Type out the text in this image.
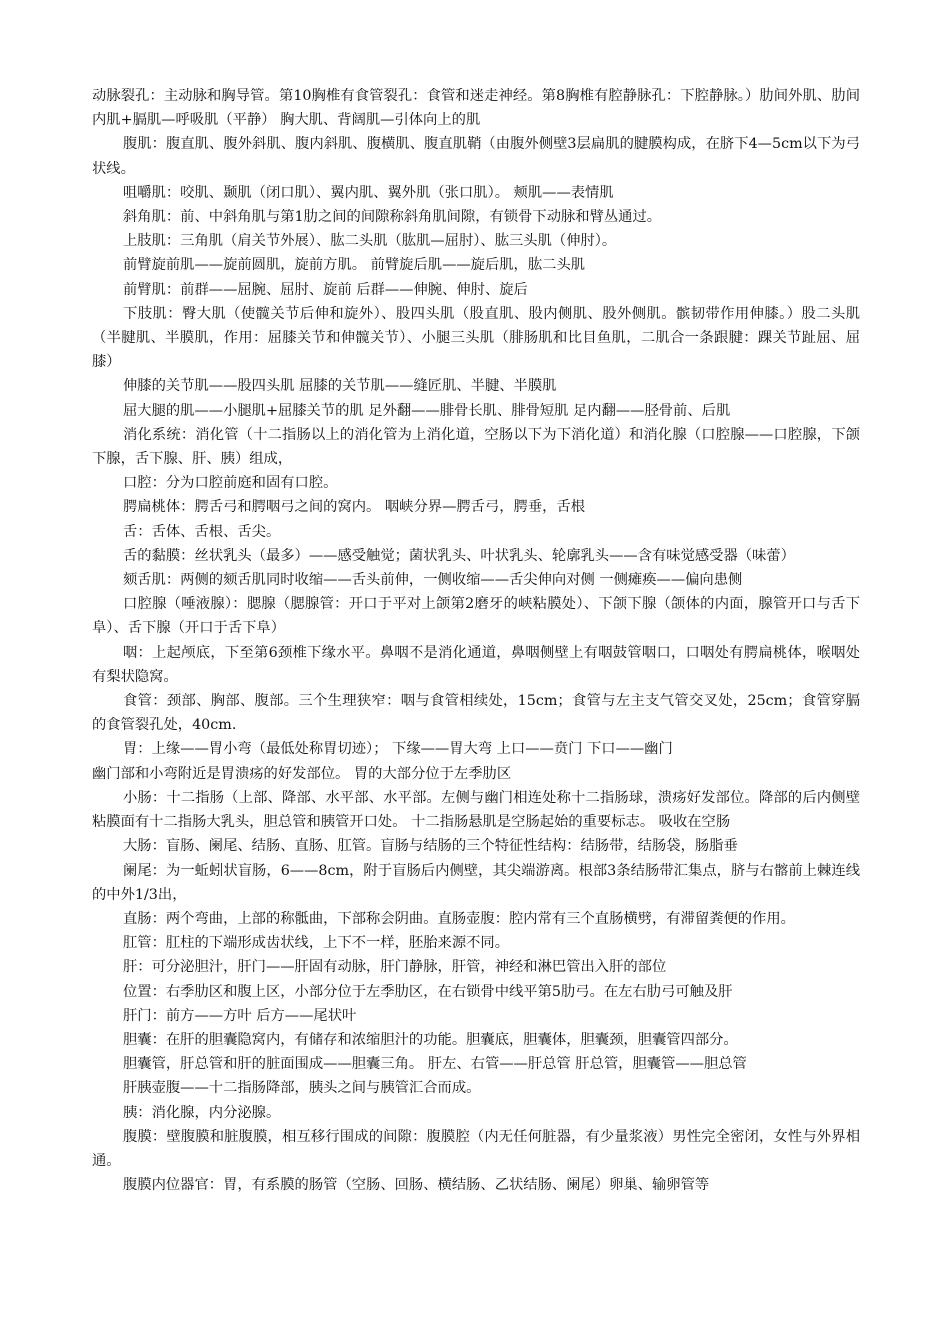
动脉裂孔：主动脉和胸导管。第10胸椎有食管裂孔：食管和迷走神经。第8胸椎有腔静脉孔：下腔静脉。）肋间外肌、肋间内肌+膈肌—呼吸肌（平静） 胸大肌、背阔肌—引体向上的肌

腹肌：腹直肌、腹外斜肌、腹内斜肌、腹横肌、腹直肌鞘（由腹外侧壁3层扁肌的腱膜构成，在脐下4—5cm以下为弓状线。

咀嚼肌：咬肌、颞肌（闭口肌）、翼内肌、翼外肌（张口肌）。 颊肌——表情肌

斜角肌：前、中斜角肌与第1肋之间的间隙称斜角肌间隙，有锁骨下动脉和臂丛通过。

上肢肌：三角肌（肩关节外展）、肱二头肌（肱肌—屈肘）、肱三头肌（伸肘）。

前臂旋前肌——旋前圆肌，旋前方肌。 前臂旋后肌——旋后肌，肱二头肌

前臂肌：前群——屈腕、屈肘、旋前 后群——伸腕、伸肘、旋后

下肢肌：臀大肌（使髋关节后伸和旋外）、股四头肌（股直肌、股内侧肌、股外侧肌。髌韧带作用伸膝。）股二头肌（半腱肌、半膜肌，作用：屈膝关节和伸髋关节）、小腿三头肌（腓肠肌和比目鱼肌，二肌合一条跟腱：踝关节趾屈、屈膝）

伸膝的关节肌——股四头肌 屈膝的关节肌——缝匠肌、半腱、半膜肌

屈大腿的肌——小腿肌+屈膝关节的肌 足外翻——腓骨长肌、腓骨短肌 足内翻——胫骨前、后肌

消化系统：消化管（十二指肠以上的消化管为上消化道，空肠以下为下消化道）和消化腺（口腔腺——口腔腺，下颌下腺，舌下腺、肝、胰）组成，

口腔：分为口腔前庭和固有口腔。

腭扁桃体：腭舌弓和腭咽弓之间的窝内。 咽峡分界—腭舌弓，腭垂，舌根

舌：舌体、舌根、舌尖。

舌的黏膜：丝状乳头（最多）——感受触觉；菌状乳头、叶状乳头、轮廓乳头——含有味觉感受器（味蕾）

颏舌肌：两侧的颏舌肌同时收缩——舌头前伸，一侧收缩——舌尖伸向对侧 一侧瘫痪——偏向患侧

口腔腺（唾液腺）：腮腺（腮腺管：开口于平对上颌第2磨牙的峡粘膜处）、下颌下腺（颌体的内面，腺管开口与舌下阜）、舌下腺（开口于舌下阜）

咽：上起颅底，下至第6颈椎下缘水平。鼻咽不是消化通道，鼻咽侧壁上有咽鼓管咽口，口咽处有腭扁桃体，喉咽处有梨状隐窝。

食管：颈部、胸部、腹部。三个生理狭窄：咽与食管相续处，15cm；食管与左主支气管交叉处，25cm；食管穿膈的食管裂孔处，40cm.

胃：上缘——胃小弯（最低处称胃切迹）； 下缘——胃大弯 上口——贲门 下口——幽门

幽门部和小弯附近是胃溃疡的好发部位。 胃的大部分位于左季肋区

小肠：十二指肠（上部、降部、水平部、水平部。左侧与幽门相连处称十二指肠球，溃疡好发部位。降部的后内侧壁粘膜面有十二指肠大乳头，胆总管和胰管开口处。 十二指肠悬肌是空肠起始的重要标志。 吸收在空肠

大肠：盲肠、阑尾、结肠、直肠、肛管。盲肠与结肠的三个特征性结构：结肠带，结肠袋，肠脂垂

阑尾：为一蚯蚓状盲肠，6——8cm，附于盲肠后内侧壁，其尖端游离。根部3条结肠带汇集点，脐与右髂前上棘连线的中外1/3出，

直肠：两个弯曲，上部的称骶曲，下部称会阴曲。直肠壶腹：腔内常有三个直肠横劈，有滞留粪便的作用。

肛管：肛柱的下端形成齿状线，上下不一样，胚胎来源不同。

肝：可分泌胆汁，肝门——肝固有动脉，肝门静脉，肝管，神经和淋巴管出入肝的部位

位置：右季肋区和腹上区，小部分位于左季肋区，在右锁骨中线平第5肋弓。在左右肋弓可触及肝

肝门：前方——方叶 后方——尾状叶

胆囊：在肝的胆囊隐窝内，有储存和浓缩胆汁的功能。胆囊底，胆囊体，胆囊颈，胆囊管四部分。

胆囊管，肝总管和肝的脏面围成——胆囊三角。 肝左、右管——肝总管 肝总管，胆囊管——胆总管

肝胰壶腹——十二指肠降部，胰头之间与胰管汇合而成。

胰：消化腺，内分泌腺。

腹膜：壁腹膜和脏腹膜，相互移行围成的间隙：腹膜腔（内无任何脏器，有少量浆液）男性完全密闭，女性与外界相通。

腹膜内位器官：胃，有系膜的肠管（空肠、回肠、横结肠、乙状结肠、阑尾）卵巢、输卵管等
